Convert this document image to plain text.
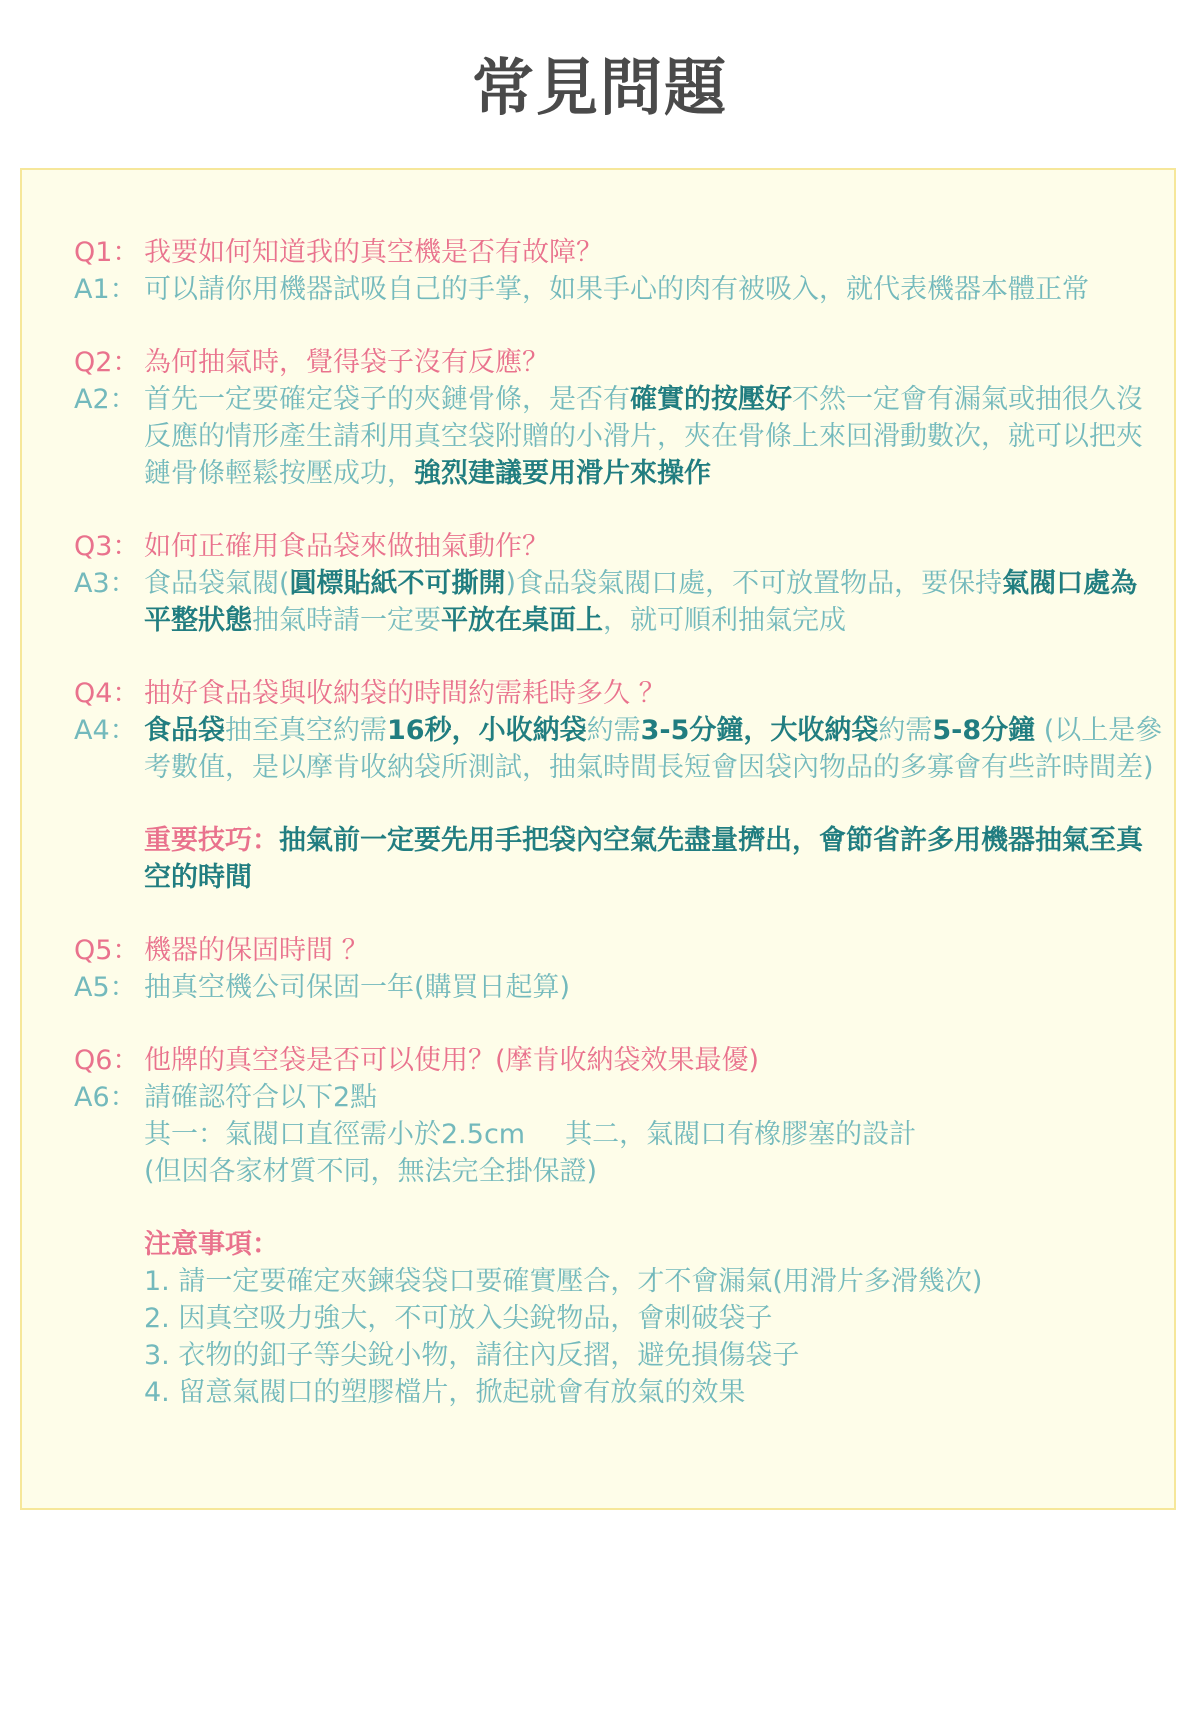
常見問題
Q1： 我要如何知道我的真空機是否有故障？
A1： 可以請你用機器試吸自己的手掌，如果手心的肉有被吸入，就代表機器本體正常
Q2： 為何抽氣時，覺得袋子沒有反應？
A2： 首先一定要確定袋子的夾鏈骨條，是否有確實的按壓好不然一定會有漏氣或抽很久沒反應的情形產生請利用真空袋附贈的小滑片，夾在骨條上來回滑動數次，就可以把夾鏈骨條輕鬆按壓成功，強烈建議要用滑片來操作
Q3： 如何正確用食品袋來做抽氣動作？
A3： 食品袋氣閥(圓標貼紙不可撕開)食品袋氣閥口處，不可放置物品，要保持氣閥口處為平整狀態抽氣時請一定要平放在桌面上，就可順利抽氣完成
Q4： 抽好食品袋與收納袋的時間約需耗時多久 ？
A4： 食品袋抽至真空約需16秒，小收納袋約需3-5分鐘，大收納袋約需5-8分鐘 (以上是參考數值，是以摩肯收納袋所測試，抽氣時間長短會因袋內物品的多寡會有些許時間差)
重要技巧：抽氣前一定要先用手把袋內空氣先盡量擠出，會節省許多用機器抽氣至真空的時間
Q5： 機器的保固時間 ？
A5： 抽真空機公司保固一年(購買日起算)
Q6： 他牌的真空袋是否可以使用？(摩肯收納袋效果最優)
A6： 請確認符合以下2點
其一：氣閥口直徑需小於2.5cm 其二，氣閥口有橡膠塞的設計
(但因各家材質不同，無法完全掛保證)
注意事項：
1. 請一定要確定夾鍊袋袋口要確實壓合，才不會漏氣(用滑片多滑幾次)
2. 因真空吸力強大，不可放入尖銳物品，會刺破袋子
3. 衣物的釦子等尖銳小物，請往內反摺，避免損傷袋子
4. 留意氣閥口的塑膠檔片，掀起就會有放氣的效果
